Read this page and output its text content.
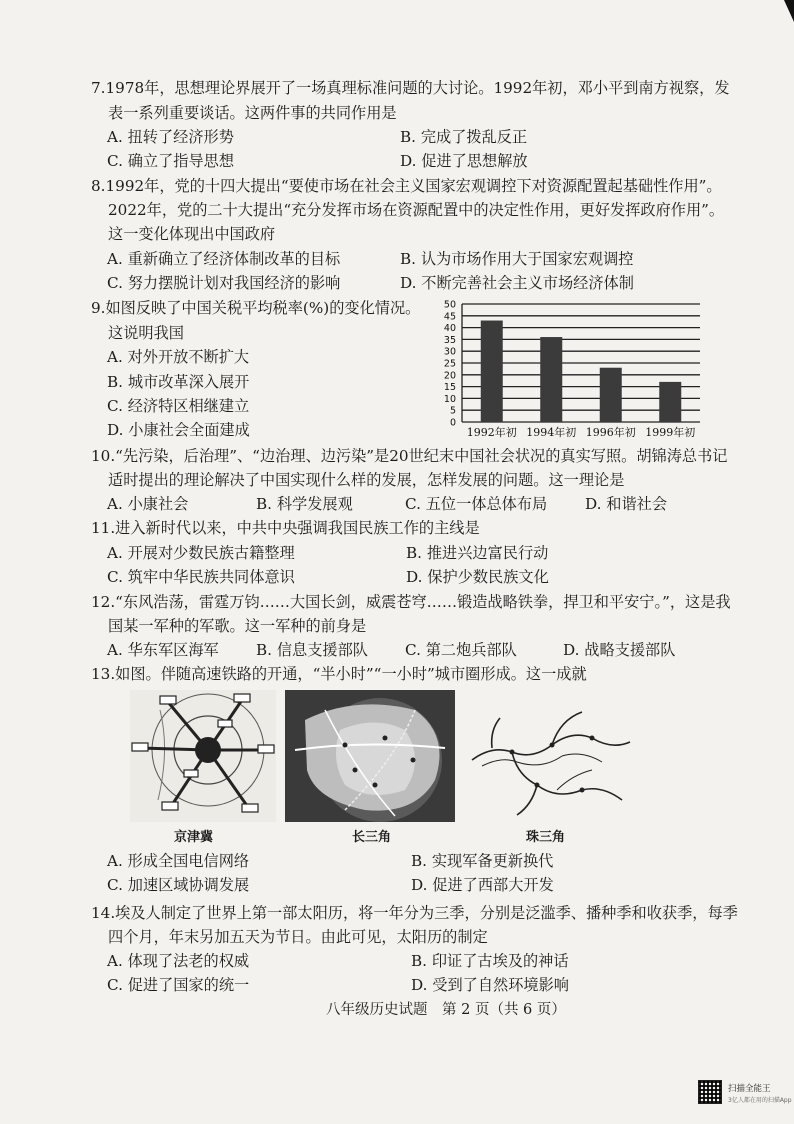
7.1978年，思想理论界展开了一场真理标准问题的大讨论。1992年初，邓小平到南方视察，发
表一系列重要谈话。这两件事的共同作用是
A. 扭转了经济形势	B. 完成了拨乱反正
C. 确立了指导思想	D. 促进了思想解放
8.1992年，党的十四大提出“要使市场在社会主义国家宏观调控下对资源配置起基础性作用”。
2022年，党的二十大提出“充分发挥市场在资源配置中的决定性作用，更好发挥政府作用”。
这一变化体现出中国政府
A. 重新确立了经济体制改革的目标	B. 认为市场作用大于国家宏观调控
C. 努力摆脱计划对我国经济的影响	D. 不断完善社会主义市场经济体制
9.如图反映了中国关税平均税率(%)的变化情况。
这说明我国
A. 对外开放不断扩大
B. 城市改革深入展开
C. 经济特区相继建立
D. 小康社会全面建成	0
5
10
15
20
25
30
35
40
45
50
1992年初 1994年初 1996年初 1999年初
10.“先污染，后治理”、“边治理、边污染”是20世纪末中国社会状况的真实写照。胡锦涛总书记
适时提出的理论解决了中国实现什么样的发展，怎样发展的问题。这一理论是
A. 小康社会	B. 科学发展观	C. 五位一体总体布局 D. 和谐社会
11.进入新时代以来，中共中央强调我国民族工作的主线是
A. 开展对少数民族古籍整理	B. 推进兴边富民行动
C. 筑牢中华民族共同体意识	D. 保护少数民族文化
12.“东风浩荡，雷霆万钧……大国长剑，威震苍穹……锻造战略铁拳，捍卫和平安宁。”，这是我
国某一军种的军歌。这一军种的前身是
A. 华东军区海军 B. 信息支援部队 C. 第二炮兵部队	D. 战略支援部队
13.如图。伴随高速铁路的开通，“半小时”“一小时”城市圈形成。这一成就
京津冀	长三角	珠三角
A. 形成全国电信网络	B. 实现军备更新换代
C. 加速区域协调发展	D. 促进了西部大开发
14.埃及人制定了世界上第一部太阳历，将一年分为三季，分别是泛滥季、播种季和收获季，每季
四个月，年末另加五天为节日。由此可见，太阳历的制定
A. 体现了法老的权威	B. 印证了古埃及的神话
C. 促进了国家的统一	D. 受到了自然环境影响
八年级历史试题　第 2 页（共 6 页）
扫描全能王
3亿人都在用的扫描App
